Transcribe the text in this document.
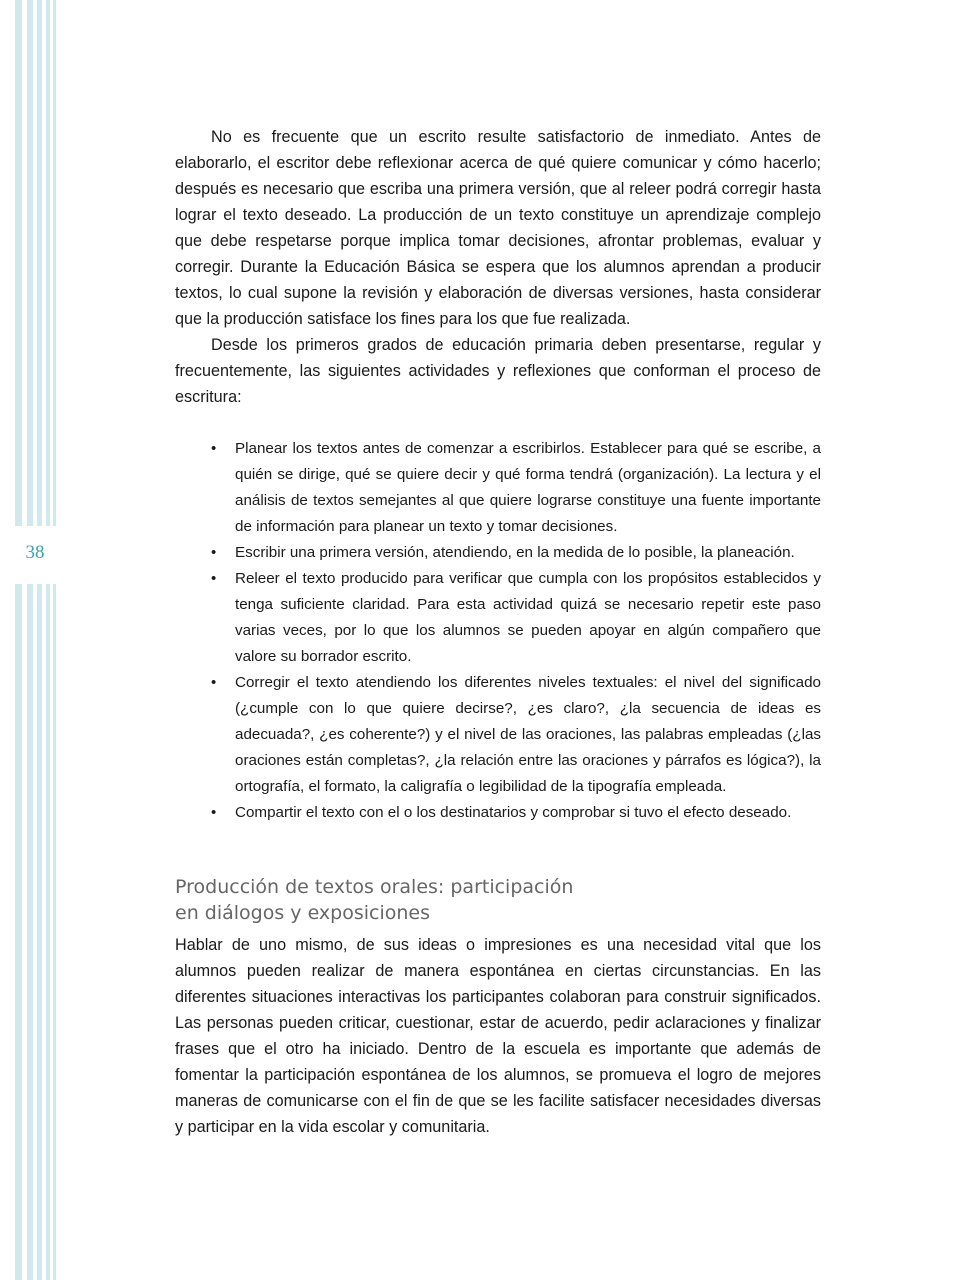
38

No es frecuente que un escrito resulte satisfactorio de inmediato. Antes de elaborarlo, el escritor debe reflexionar acerca de qué quiere comunicar y cómo hacerlo; después es necesario que escriba una primera versión, que al releer podrá corregir hasta lograr el texto deseado. La producción de un texto constituye un aprendizaje complejo que debe respetarse porque implica tomar decisiones, afrontar problemas, evaluar y corregir. Durante la Educación Básica se espera que los alumnos aprendan a producir textos, lo cual supone la revisión y elaboración de diversas versiones, hasta considerar que la producción satisface los fines para los que fue realizada.

Desde los primeros grados de educación primaria deben presentarse, regular y frecuentemente, las siguientes actividades y reflexiones que conforman el proceso de escritura:

• Planear los textos antes de comenzar a escribirlos. Establecer para qué se escribe, a quién se dirige, qué se quiere decir y qué forma tendrá (organización). La lectura y el análisis de textos semejantes al que quiere lograrse constituye una fuente importante de información para planear un texto y tomar decisiones.
• Escribir una primera versión, atendiendo, en la medida de lo posible, la planeación.
• Releer el texto producido para verificar que cumpla con los propósitos establecidos y tenga suficiente claridad. Para esta actividad quizá se necesario repetir este paso varias veces, por lo que los alumnos se pueden apoyar en algún compañero que valore su borrador escrito.
• Corregir el texto atendiendo los diferentes niveles textuales: el nivel del significado (¿cumple con lo que quiere decirse?, ¿es claro?, ¿la secuencia de ideas es adecuada?, ¿es coherente?) y el nivel de las oraciones, las palabras empleadas (¿las oraciones están completas?, ¿la relación entre las oraciones y párrafos es lógica?), la ortografía, el formato, la caligrafía o legibilidad de la tipografía empleada.
• Compartir el texto con el o los destinatarios y comprobar si tuvo el efecto deseado.
Producción de textos orales: participación
en diálogos y exposiciones

Hablar de uno mismo, de sus ideas o impresiones es una necesidad vital que los alumnos pueden realizar de manera espontánea en ciertas circunstancias. En las diferentes situaciones interactivas los participantes colaboran para construir significados. Las personas pueden criticar, cuestionar, estar de acuerdo, pedir aclaraciones y finalizar frases que el otro ha iniciado. Dentro de la escuela es importante que además de fomentar la participación espontánea de los alumnos, se promueva el logro de mejores maneras de comunicarse con el fin de que se les facilite satisfacer necesidades diversas y participar en la vida escolar y comunitaria.
